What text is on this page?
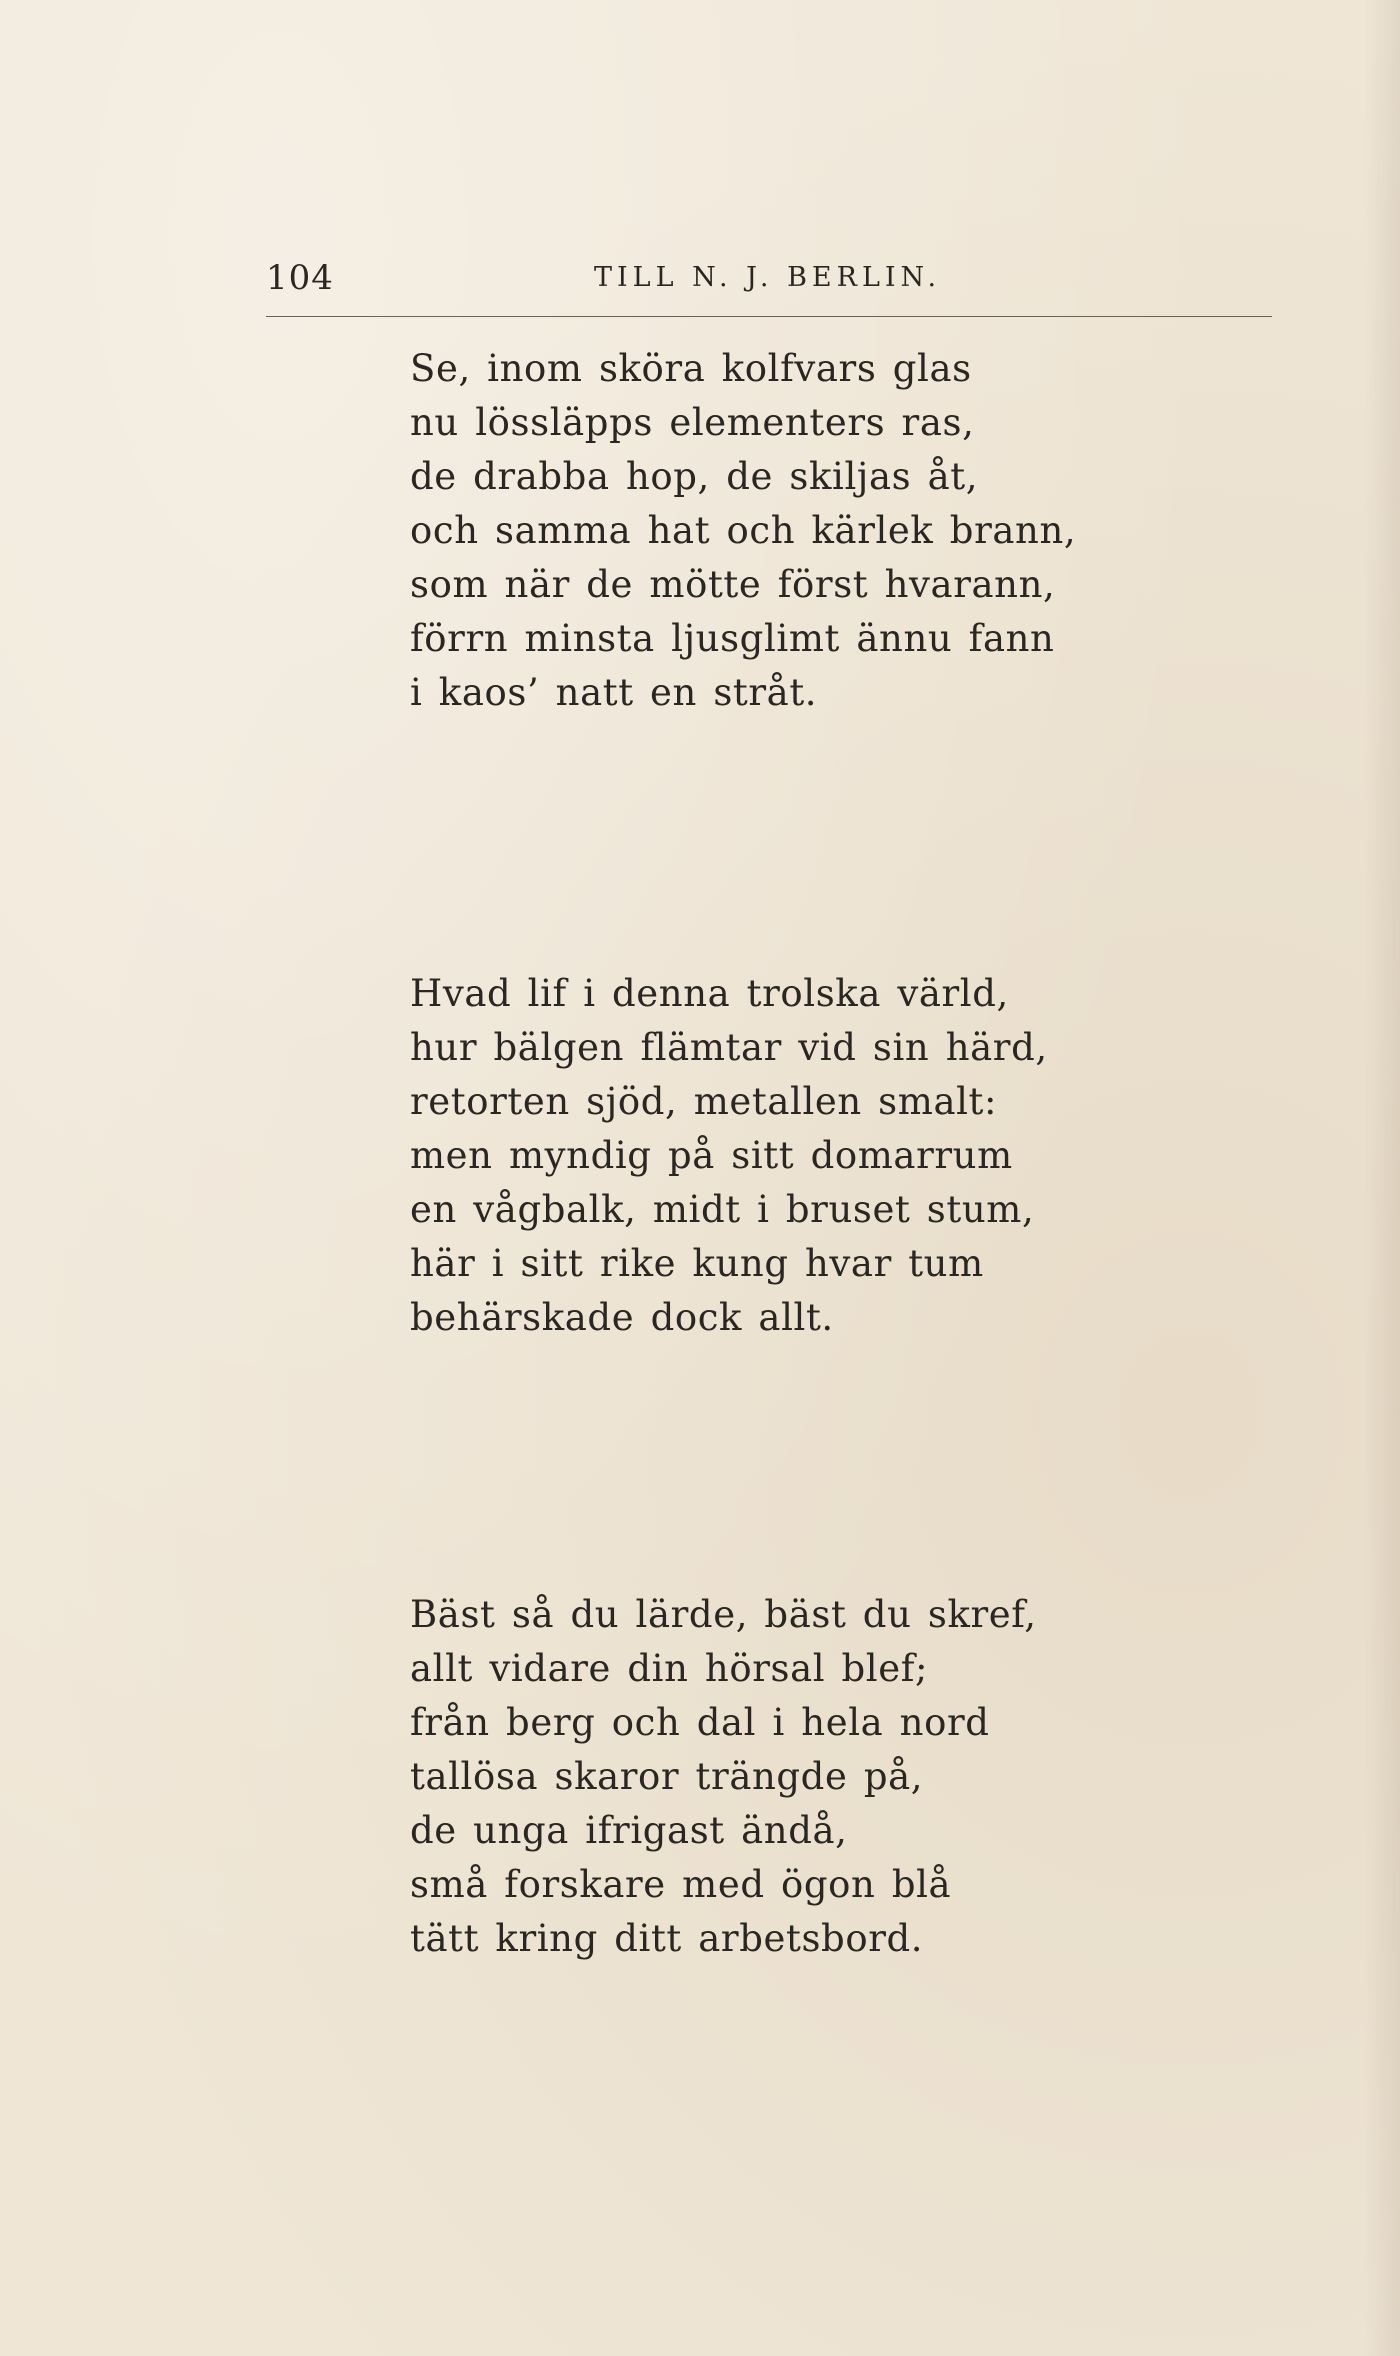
104	TILL N. J. BERLIN.
Se, inom sköra kolfvars glas
nu lössläpps elementers ras,
de drabba hop, de skiljas åt,
och samma hat och kärlek brann,
som när de mötte först hvarann,
förrn minsta ljusglimt ännu fann
i kaos’ natt en stråt.
Hvad lif i denna trolska värld,
hur bälgen flämtar vid sin härd,
retorten sjöd, metallen smalt:
men myndig på sitt domarrum
en vågbalk, midt i bruset stum,
här i sitt rike kung hvar tum
behärskade dock allt.
Bäst så du lärde, bäst du skref,
allt vidare din hörsal blef;
från berg och dal i hela nord
tallösa skaror trängde på,
de unga ifrigast ändå,
små forskare med ögon blå
tätt kring ditt arbetsbord.
